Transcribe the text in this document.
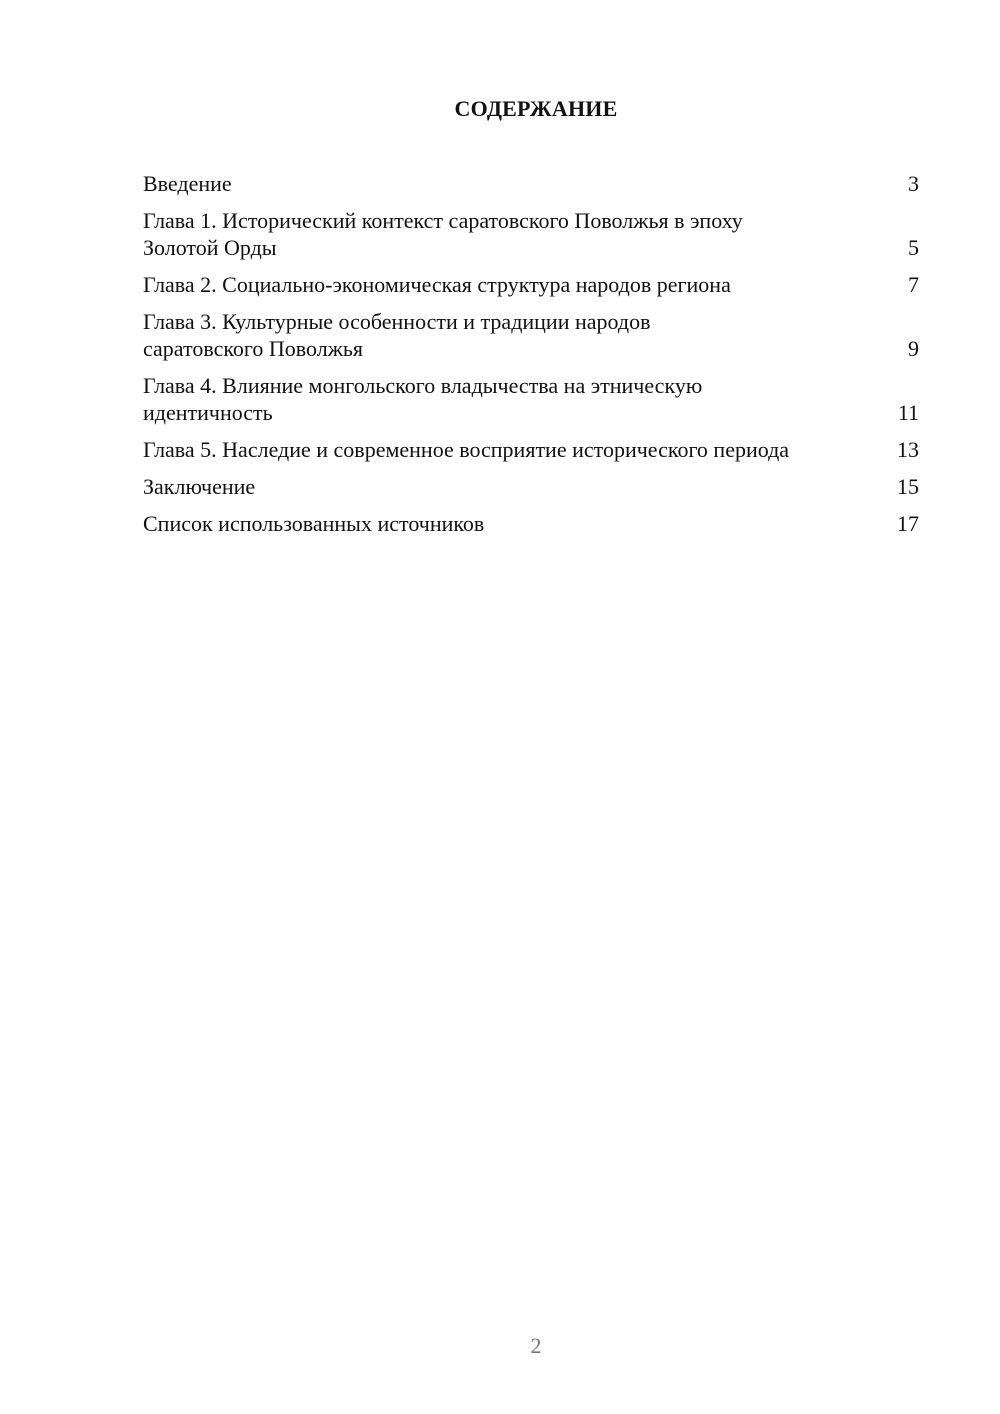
СОДЕРЖАНИЕ
Введение	3
Глава 1. Исторический контекст саратовского Поволжья в эпоху Золотой Орды	5
Глава 2. Социально-экономическая структура народов региона	7
Глава 3. Культурные особенности и традиции народов саратовского Поволжья	9
Глава 4. Влияние монгольского владычества на этническую идентичность	11
Глава 5. Наследие и современное восприятие исторического периода	13
Заключение	15
Список использованных источников	17
2
